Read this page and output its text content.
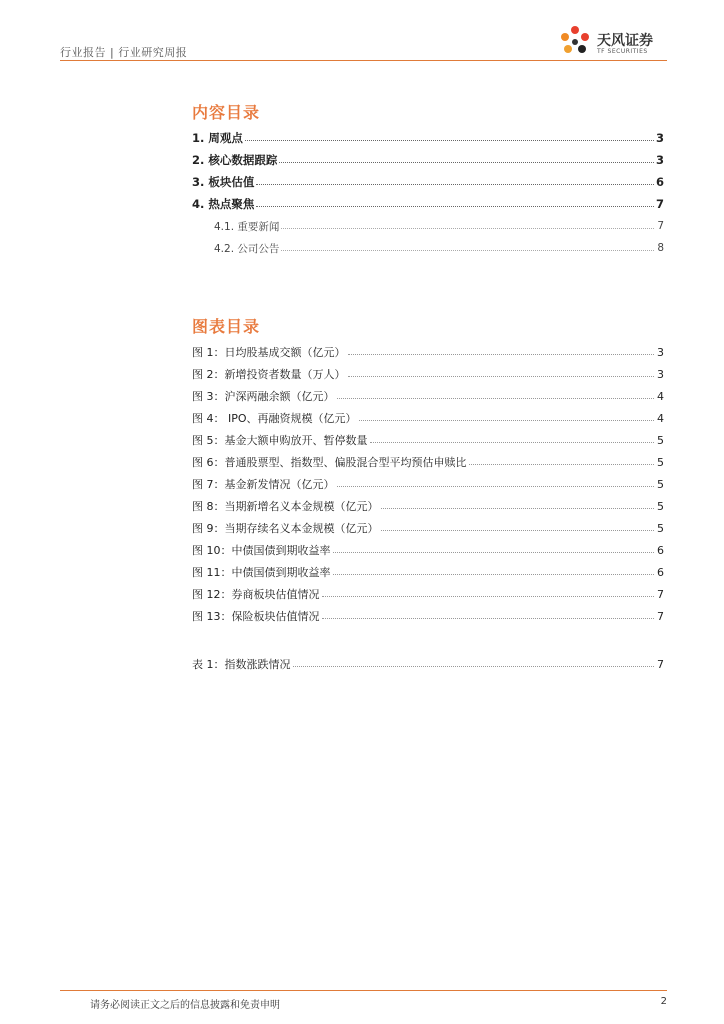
行业报告 | 行业研究周报
天风证券
TF SECURITIES
内容目录
1. 周观点	3
2. 核心数据跟踪	3
3. 板块估值	6
4. 热点聚焦	7
4.1. 重要新闻	7
4.2. 公司公告	8
图表目录
图 1：日均股基成交额（亿元）	3
图 2：新增投资者数量（万人）	3
图 3：沪深两融余额（亿元）	4
图 4： IPO、再融资规模（亿元）	4
图 5：基金大额申购放开、暂停数量	5
图 6：普通股票型、指数型、偏股混合型平均预估申赎比	5
图 7：基金新发情况（亿元）	5
图 8：当期新增名义本金规模（亿元）	5
图 9：当期存续名义本金规模（亿元）	5
图 10：中债国债到期收益率	6
图 11：中债国债到期收益率	6
图 12：券商板块估值情况	7
图 13：保险板块估值情况	7
表 1：指数涨跌情况	7
请务必阅读正文之后的信息披露和免责申明	2
